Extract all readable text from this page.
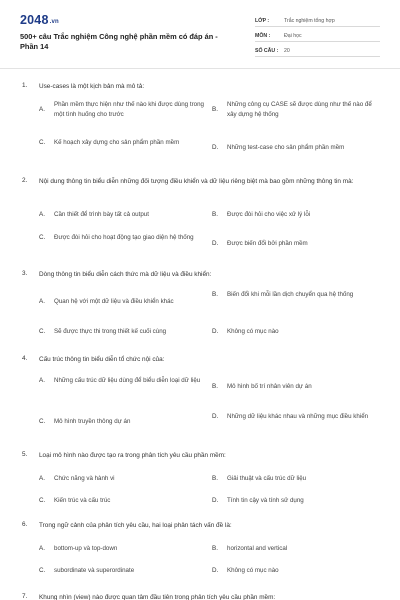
2048.vn
500+ câu Trắc nghiệm Công nghệ phần mềm có đáp án - Phần 14
LỚP :	Trắc nghiệm tổng hợp
MÔN :	Đại học
SỐ CÂU : 20
1. Use-cases là một kịch bản mà mô tả:
A.
Phần mềm thực hiện như thế nào khi được dùng trong một tình huống cho trước
B.
Những công cụ CASE sẽ được dùng như thế nào để xây dựng hệ thống
C.	Kế hoạch xây dựng cho sản phẩm phần mềm
D.	Những test-case cho sản phẩm phần mềm
2. Nội dung thông tin biểu diễn những đối tượng điều khiển và dữ liệu riêng biệt mà bao gồm những thông tin mà:
A.	Cần thiết để trình bày tất cả output	B.	Được đòi hỏi cho việc xử lý lỗi
C.	Được đòi hỏi cho hoạt động tạo giao diện hệ thống
D.	Được biến đổi bởi phần mềm
3. Dòng thông tin biểu diễn cách thức mà dữ liệu và điều khiển:
A.	Quan hệ với một dữ liệu và điều khiển khác
B.	Biến đổi khi mỗi lần dịch chuyển qua hệ thống
C.	Sẽ được thực thi trong thiết kế cuối cùng	D.	Không có mục nào
4. Cấu trúc thông tin biểu diễn tổ chức nội của:
A.	Những cấu trúc dữ liệu dùng để biểu diễn loại dữ liệu
B.	Mô hình bố trí nhân viên dự án
C.	Mô hình truyền thông dự án
D.	Những dữ liệu khác nhau và những mục điều khiển
5. Loại mô hình nào được tạo ra trong phân tích yêu cầu phần mềm:
A.	Chức năng và hành vi	B.	Giải thuật và cấu trúc dữ liệu
C.	Kiến trúc và cấu trúc	D.	Tính tin cậy và tính sử dụng
6. Trong ngữ cảnh của phân tích yêu cầu, hai loại phân tách vấn đề là:
A.	bottom-up và top-down	B.	horizontal and vertical
C.	subordinate và superordinate	D.	Không có mục nào
7. Khung nhìn (view) nào được quan tâm đầu tiên trong phân tích yêu cầu phần mềm:
